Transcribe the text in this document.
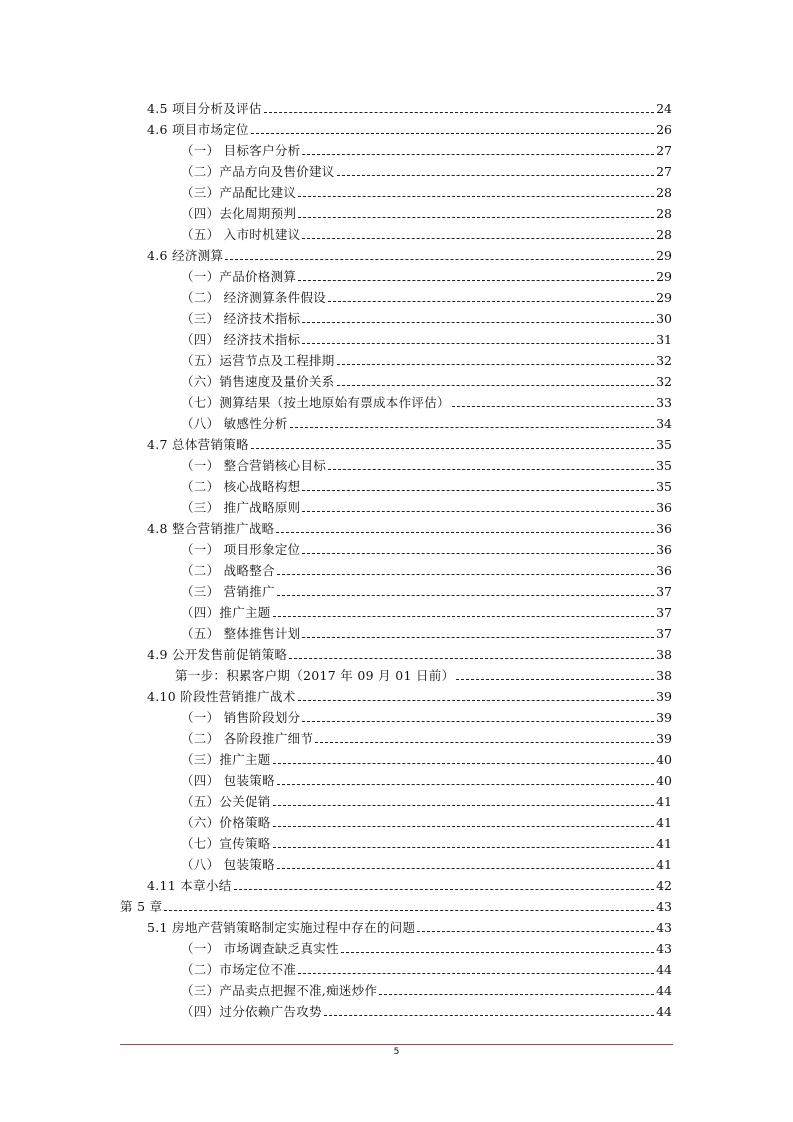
4.5 项目分析及评估	24
4.6 项目市场定位	26
（一） 目标客户分析	27
（二）产品方向及售价建议	27
（三）产品配比建议	28
（四）去化周期预判	28
（五） 入市时机建议	28
4.6 经济测算	29
（一）产品价格测算	29
（二） 经济测算条件假设	29
（三） 经济技术指标	30
（四） 经济技术指标	31
（五）运营节点及工程排期	32
（六）销售速度及量价关系	32
（七）测算结果（按土地原始有票成本作评估）	33
（八） 敏感性分析	34
4.7 总体营销策略	35
（一） 整合营销核心目标	35
（二） 核心战略构想	35
（三） 推广战略原则	36
4.8 整合营销推广战略	36
（一） 项目形象定位	36
（二） 战略整合	36
（三） 营销推广	37
（四）推广主题	37
（五） 整体推售计划	37
4.9 公开发售前促销策略	38
第一步：积累客户期（2017 年 09 月 01 日前）	38
4.10 阶段性营销推广战术	39
（一） 销售阶段划分	39
（二） 各阶段推广细节	39
（三）推广主题	40
（四） 包装策略	40
（五）公关促销	41
（六）价格策略	41
（七）宣传策略	41
（八） 包装策略	41
4.11 本章小结	42
第 5 章	43
5.1 房地产营销策略制定实施过程中存在的问题	43
（一） 市场调查缺乏真实性	43
（二）市场定位不准	44
（三）产品卖点把握不准,痴迷炒作	44
（四）过分依赖广告攻势	44
5
